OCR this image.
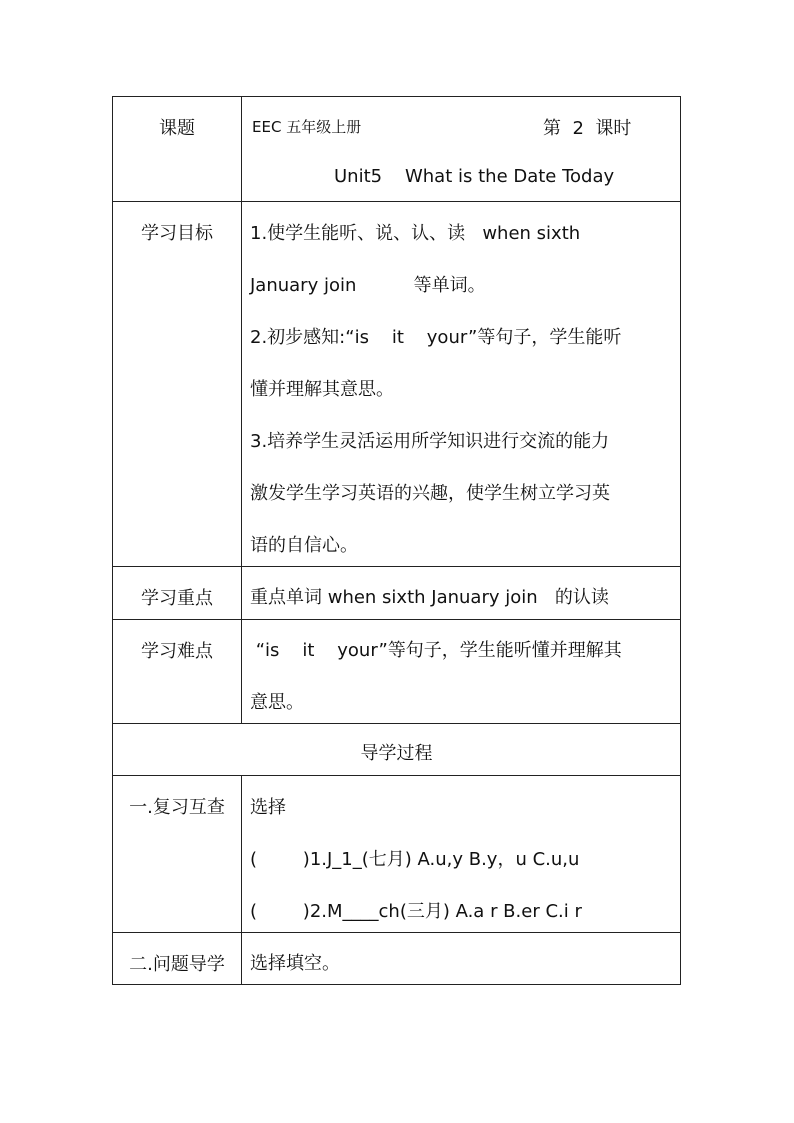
课题	EEC 五年级上册	第  2  课时
Unit5    What is the Date Today
学习目标	1.使学生能听、说、认、读   when sixth
January join          等单词。
2.初步感知:“is    it    your”等句子，学生能听
懂并理解其意思。
3.培养学生灵活运用所学知识进行交流的能力
激发学生学习英语的兴趣，使学生树立学习英
语的自信心。
学习重点	重点单词 when sixth January join   的认读
学习难点	“is    it    your”等句子，学生能听懂并理解其
意思。
导学过程
一.复习互查	选择
(        )1.J_1_(七月) A.u,y B.y，u C.u,u
(        )2.M____ch(三月) A.a r B.er C.i r
二.问题导学	选择填空。
